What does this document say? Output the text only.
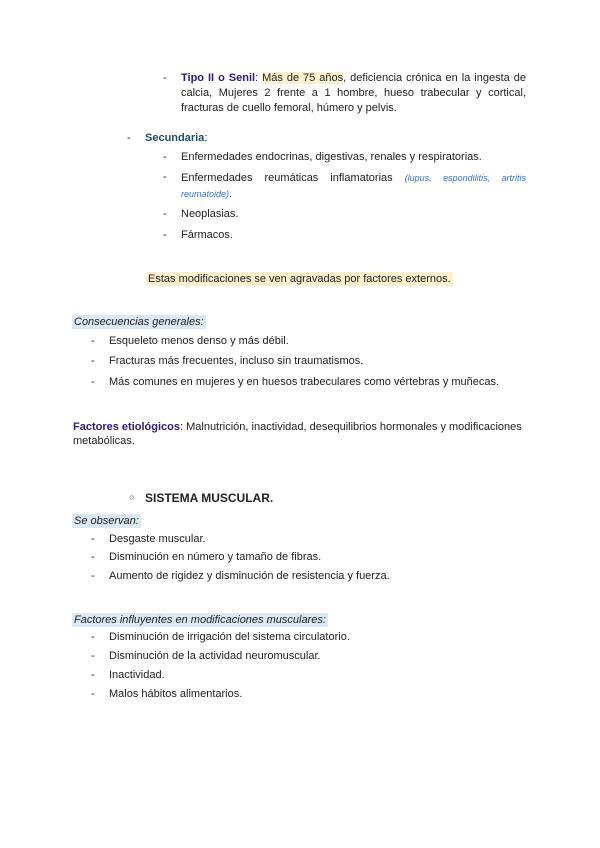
- Tipo II o Senil: Más de 75 años, deficiencia crónica en la ingesta de calcia, Mujeres 2 frente a 1 hombre, hueso trabecular y cortical, fracturas de cuello femoral, húmero y pelvis.
- Secundaria:
- Enfermedades endocrinas, digestivas, renales y respiratorias.
- Enfermedades reumáticas inflamatorias (lupus, espondilitis, artritis reumatoide).
- Neoplasias.
- Fármacos.
Estas modificaciones se ven agravadas por factores externos.
Consecuencias generales:
- Esqueleto menos denso y más débil.
- Fracturas más frecuentes, incluso sin traumatismos.
- Más comunes en mujeres y en huesos trabeculares como vértebras y muñecas.
Factores etiológicos: Malnutrición, inactividad, desequilibrios hormonales y modificaciones metabólicas.
○ SISTEMA MUSCULAR.
Se observan:
- Desgaste muscular.
- Disminución en número y tamaño de fibras.
- Aumento de rigidez y disminución de resistencia y fuerza.
Factores influyentes en modificaciones musculares:
- Disminución de irrigación del sistema circulatorio.
- Disminución de la actividad neuromuscular.
- Inactividad.
- Malos hábitos alimentarios.
